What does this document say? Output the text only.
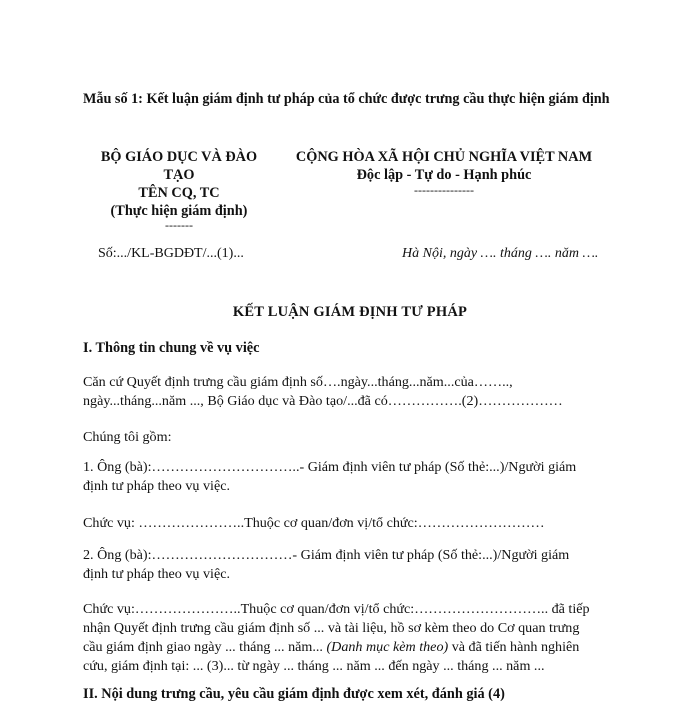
Mẫu số 1: Kết luận giám định tư pháp của tổ chức được trưng cầu thực hiện giám định
BỘ GIÁO DỤC VÀ ĐÀO
TẠO
TÊN CQ, TC
(Thực hiện giám định)
-------
CỘNG HÒA XÃ HỘI CHỦ NGHĨA VIỆT NAM
Độc lập - Tự do - Hạnh phúc
---------------
Số:.../KL-BGDĐT/...(1)...	Hà Nội, ngày …. tháng …. năm ….
KẾT LUẬN GIÁM ĐỊNH TƯ PHÁP
I. Thông tin chung về vụ việc
Căn cứ Quyết định trưng cầu giám định số….ngày...tháng...năm...của……..,
ngày...tháng...năm ..., Bộ Giáo dục và Đào tạo/...đã có…………….(2)………………
Chúng tôi gồm:
1. Ông (bà):…………………………..- Giám định viên tư pháp (Số thẻ:...)/Người giám
định tư pháp theo vụ việc.
Chức vụ: …………………..Thuộc cơ quan/đơn vị/tổ chức:………………………
2. Ông (bà):…………………………- Giám định viên tư pháp (Số thẻ:...)/Người giám
định tư pháp theo vụ việc.
Chức vụ:…………………..Thuộc cơ quan/đơn vị/tổ chức:……………………….. đã tiếp
nhận Quyết định trưng cầu giám định số ... và tài liệu, hồ sơ kèm theo do Cơ quan trưng
cầu giám định giao ngày ... tháng ... năm... (Danh mục kèm theo) và đã tiến hành nghiên
cứu, giám định tại: ... (3)... từ ngày ... tháng ... năm ... đến ngày ... tháng ... năm ...
II. Nội dung trưng cầu, yêu cầu giám định được xem xét, đánh giá (4)
